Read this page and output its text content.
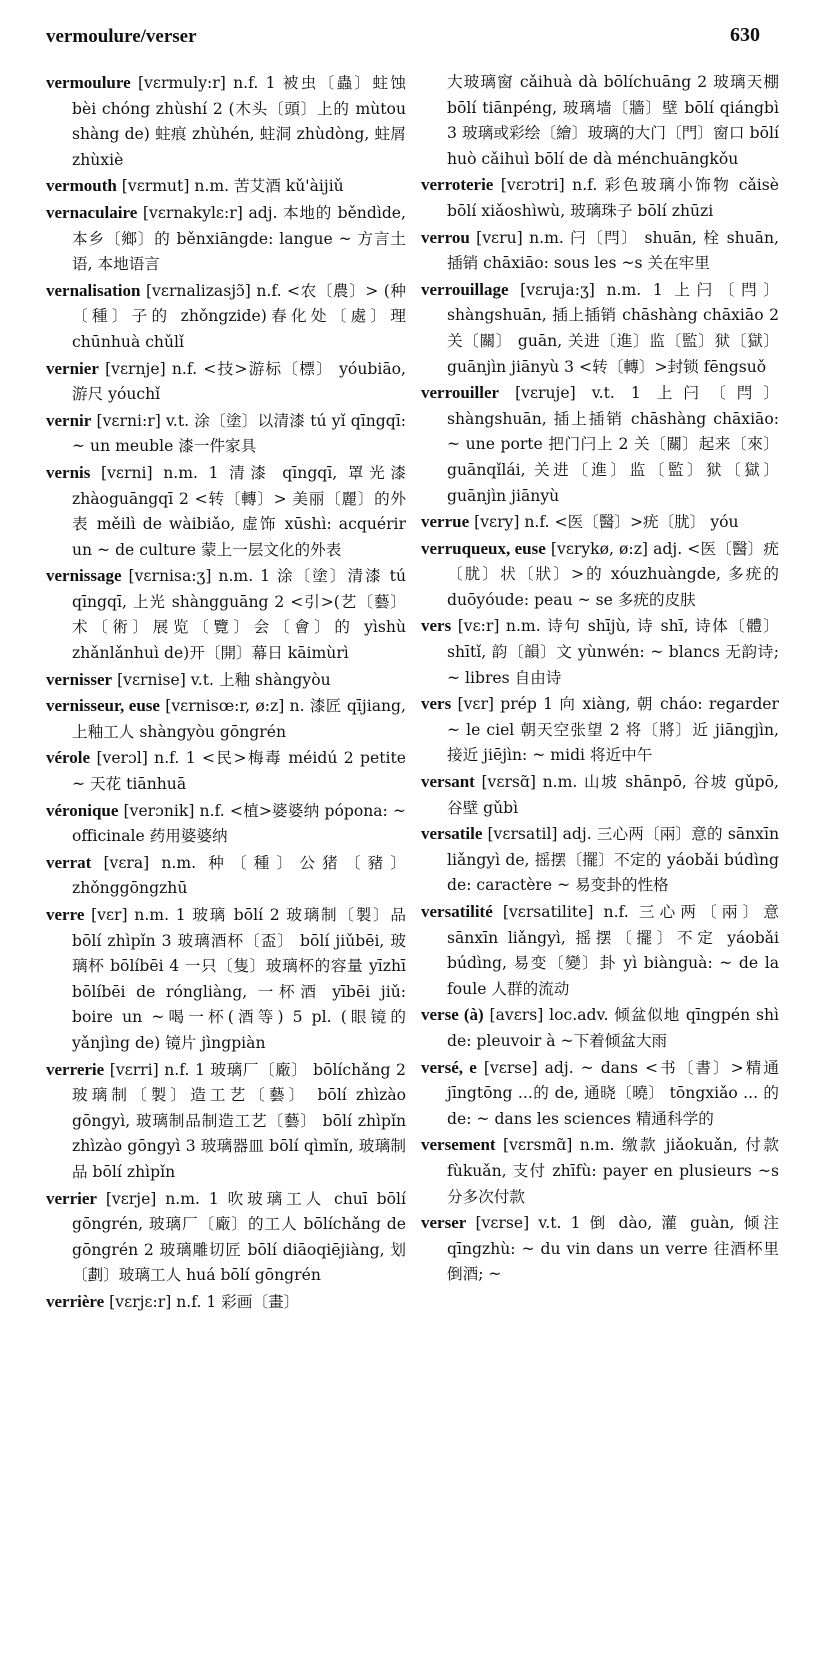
vermoulure/verser	630
vermoulure [vɛrmuly:r] n.f. 1 被虫〔蟲〕蛀蚀 bèi chóng zhùshí 2 (木头〔頭〕上的 mùtou shàng de) 蛀痕 zhùhén, 蛀洞 zhùdòng, 蛀屑 zhùxiè
vermouth [vɛrmut] n.m. 苦艾酒 kǔ'àijiǔ
vernaculaire [vɛrnakylɛ:r] adj. 本地的 běndìde, 本乡〔鄉〕的 běnxiāngde: langue ~ 方言土语, 本地语言
vernalisation [vɛrnalizasjɔ̃] n.f. <农〔農〕> (种〔種〕子的 zhǒngzide)春化处〔處〕理 chūnhuà chǔlǐ
vernier [vɛrnje] n.f. <技>游标〔標〕 yóubiāo, 游尺 yóuchǐ
vernir [vɛrni:r] v.t. 涂〔塗〕以清漆 tú yǐ qīngqī: ~ un meuble 漆一件家具
vernis [vɛrni] n.m. 1 清漆 qīngqī, 罩光漆 zhàoguāngqī 2 <转〔轉〕> 美丽〔麗〕的外表 měilì de wàibiǎo, 虚饰 xūshì: acquérir un ~ de culture 蒙上一层文化的外表
vernissage [vɛrnisa:ʒ] n.m. 1 涂〔塗〕清漆 tú qīngqī, 上光 shàngguāng 2 <引>(艺〔藝〕术〔術〕展览〔覽〕会〔會〕的 yìshù zhǎnlǎnhuì de)开〔開〕幕日 kāimùrì
vernisser [vɛrnise] v.t. 上釉 shàngyòu
vernisseur, euse [vɛrnisœ:r, ø:z] n. 漆匠 qījiang, 上釉工人 shàngyòu gōngrén
vérole [verɔl] n.f. 1 <民>梅毒 méidú 2 petite ~ 天花 tiānhuā
véronique [verɔnik] n.f. <植>婆婆纳 pópona: ~ officinale 药用婆婆纳
verrat [vɛra] n.m. 种〔種〕公猪〔豬〕 zhǒnggōngzhū
verre [vɛr] n.m. 1 玻璃 bōlí 2 玻璃制〔製〕品 bōlí zhìpǐn 3 玻璃酒杯〔盃〕 bōlí jiǔbēi, 玻璃杯 bōlíbēi 4 一只〔隻〕玻璃杯的容量 yīzhī bōlíbēi de róngliàng, 一杯酒 yībēi jiǔ: boire un ~喝一杯(酒等) 5 pl. (眼镜的 yǎnjìng de) 镜片 jìngpiàn
verrerie [vɛrri] n.f. 1 玻璃厂〔廠〕 bōlíchǎng 2 玻璃制〔製〕造工艺〔藝〕 bōlí zhìzào gōngyì, 玻璃制品制造工艺〔藝〕 bōlí zhìpǐn zhìzào gōngyì 3 玻璃器皿 bōlí qìmǐn, 玻璃制品 bōlí zhìpǐn
verrier [vɛrje] n.m. 1 吹玻璃工人 chuī bōlí gōngrén, 玻璃厂〔廠〕的工人 bōlíchǎng de gōngrén 2 玻璃雕切匠 bōlí diāoqiējiàng, 划〔劃〕玻璃工人 huá bōlí gōngrén
verrière [vɛrjɛ:r] n.f. 1 彩画〔畫〕
大玻璃窗 cǎihuà dà bōlíchuāng 2 玻璃天棚 bōlí tiānpéng, 玻璃墙〔牆〕壁 bōlí qiángbì 3 玻璃或彩绘〔繪〕玻璃的大门〔門〕窗口 bōlí huò cǎihuì bōlí de dà ménchuāngkǒu
verroterie [vɛrɔtri] n.f. 彩色玻璃小饰物 cǎisè bōlí xiǎoshìwù, 玻璃珠子 bōlí zhūzi
verrou [vɛru] n.m. 闩〔閂〕 shuān, 栓 shuān, 插销 chāxiāo: sous les ~s 关在牢里
verrouillage [vɛruja:ʒ] n.m. 1 上闩〔閂〕 shàngshuān, 插上插销 chāshàng chāxiāo 2 关〔關〕 guān, 关进〔進〕监〔監〕狱〔獄〕 guānjìn jiānyù 3 <转〔轉〕>封锁 fēngsuǒ
verrouiller [vɛruje] v.t. 1 上闩〔閂〕 shàngshuān, 插上插销 chāshàng chāxiāo: ~ une porte 把门闩上 2 关〔關〕起来〔來〕 guānqǐlái, 关进〔進〕监〔監〕狱〔獄〕 guānjìn jiānyù
verrue [vɛry] n.f. <医〔醫〕>疣〔肬〕 yóu
verruqueux, euse [vɛrykø, ø:z] adj. <医〔醫〕疣〔肬〕状〔狀〕>的 xóuzhuàngde, 多疣的 duōyóude: peau ~ se 多疣的皮肤
vers [vɛ:r] n.m. 诗句 shījù, 诗 shī, 诗体〔體〕 shītǐ, 韵〔韻〕文 yùnwén: ~ blancs 无韵诗; ~ libres 自由诗
vers [vɛr] prép 1 向 xiàng, 朝 cháo: regarder ~ le ciel 朝天空张望 2 将〔將〕近 jiāngjìn, 接近 jiējìn: ~ midi 将近中午
versant [vɛrsɑ̃] n.m. 山坡 shānpō, 谷坡 gǔpō, 谷壁 gǔbì
versatile [vɛrsatil] adj. 三心两〔兩〕意的 sānxīn liǎngyì de, 摇摆〔擺〕不定的 yáobǎi búdìng de: caractère ~ 易变卦的性格
versatilité [vɛrsatilite] n.f. 三心两〔兩〕意 sānxīn liǎngyì, 摇摆〔擺〕不定 yáobǎi búdìng, 易变〔變〕卦 yì biànguà: ~ de la foule 人群的流动
verse (à) [avɛrs] loc.adv. 倾盆似地 qīngpén shì de: pleuvoir à ~下着倾盆大雨
versé, e [vɛrse] adj. ~ dans <书〔書〕>精通 jīngtōng ...的 de, 通晓〔曉〕 tōngxiǎo ... 的 de: ~ dans les sciences 精通科学的
versement [vɛrsmɑ̃] n.m. 缴款 jiǎokuǎn, 付款 fùkuǎn, 支付 zhīfù: payer en plusieurs ~s 分多次付款
verser [vɛrse] v.t. 1 倒 dào, 灌 guàn, 倾注 qīngzhù: ~ du vin dans un verre 往酒杯里倒酒; ~
